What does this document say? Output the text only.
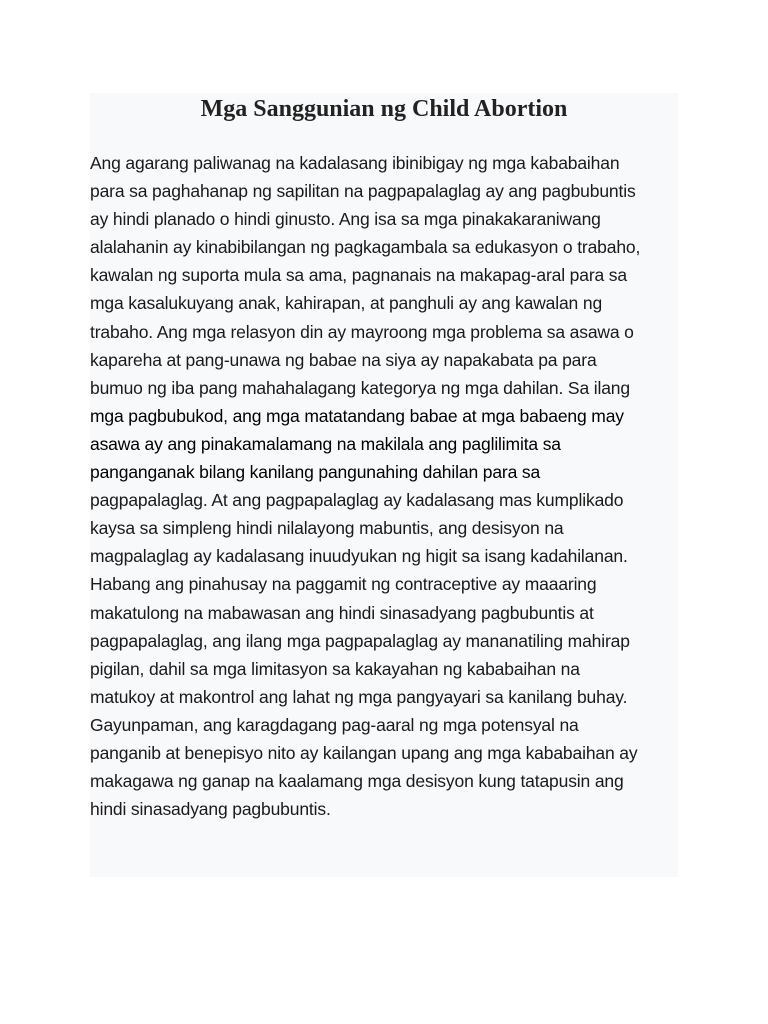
Mga Sanggunian ng Child Abortion
Ang agarang paliwanag na kadalasang ibinibigay ng mga kababaihan
para sa paghahanap ng sapilitan na pagpapalaglag ay ang pagbubuntis
ay hindi planado o hindi ginusto. Ang isa sa mga pinakakaraniwang
alalahanin ay kinabibilangan ng pagkagambala sa edukasyon o trabaho,
kawalan ng suporta mula sa ama, pagnanais na makapag-aral para sa
mga kasalukuyang anak, kahirapan, at panghuli ay ang kawalan ng
trabaho. Ang mga relasyon din ay mayroong mga problema sa asawa o
kapareha at pang-unawa ng babae na siya ay napakabata pa para
bumuo ng iba pang mahahalagang kategorya ng mga dahilan. Sa ilang
mga pagbubukod, ang mga matatandang babae at mga babaeng may
asawa ay ang pinakamalamang na makilala ang paglilimita sa
panganganak bilang kanilang pangunahing dahilan para sa
pagpapalaglag. At ang pagpapalaglag ay kadalasang mas kumplikado
kaysa sa simpleng hindi nilalayong mabuntis, ang desisyon na
magpalaglag ay kadalasang inuudyukan ng higit sa isang kadahilanan.
Habang ang pinahusay na paggamit ng contraceptive ay maaaring
makatulong na mabawasan ang hindi sinasadyang pagbubuntis at
pagpapalaglag, ang ilang mga pagpapalaglag ay mananatiling mahirap
pigilan, dahil sa mga limitasyon sa kakayahan ng kababaihan na
matukoy at makontrol ang lahat ng mga pangyayari sa kanilang buhay.
Gayunpaman, ang karagdagang pag-aaral ng mga potensyal na
panganib at benepisyo nito ay kailangan upang ang mga kababaihan ay
makagawa ng ganap na kaalamang mga desisyon kung tatapusin ang
hindi sinasadyang pagbubuntis.
